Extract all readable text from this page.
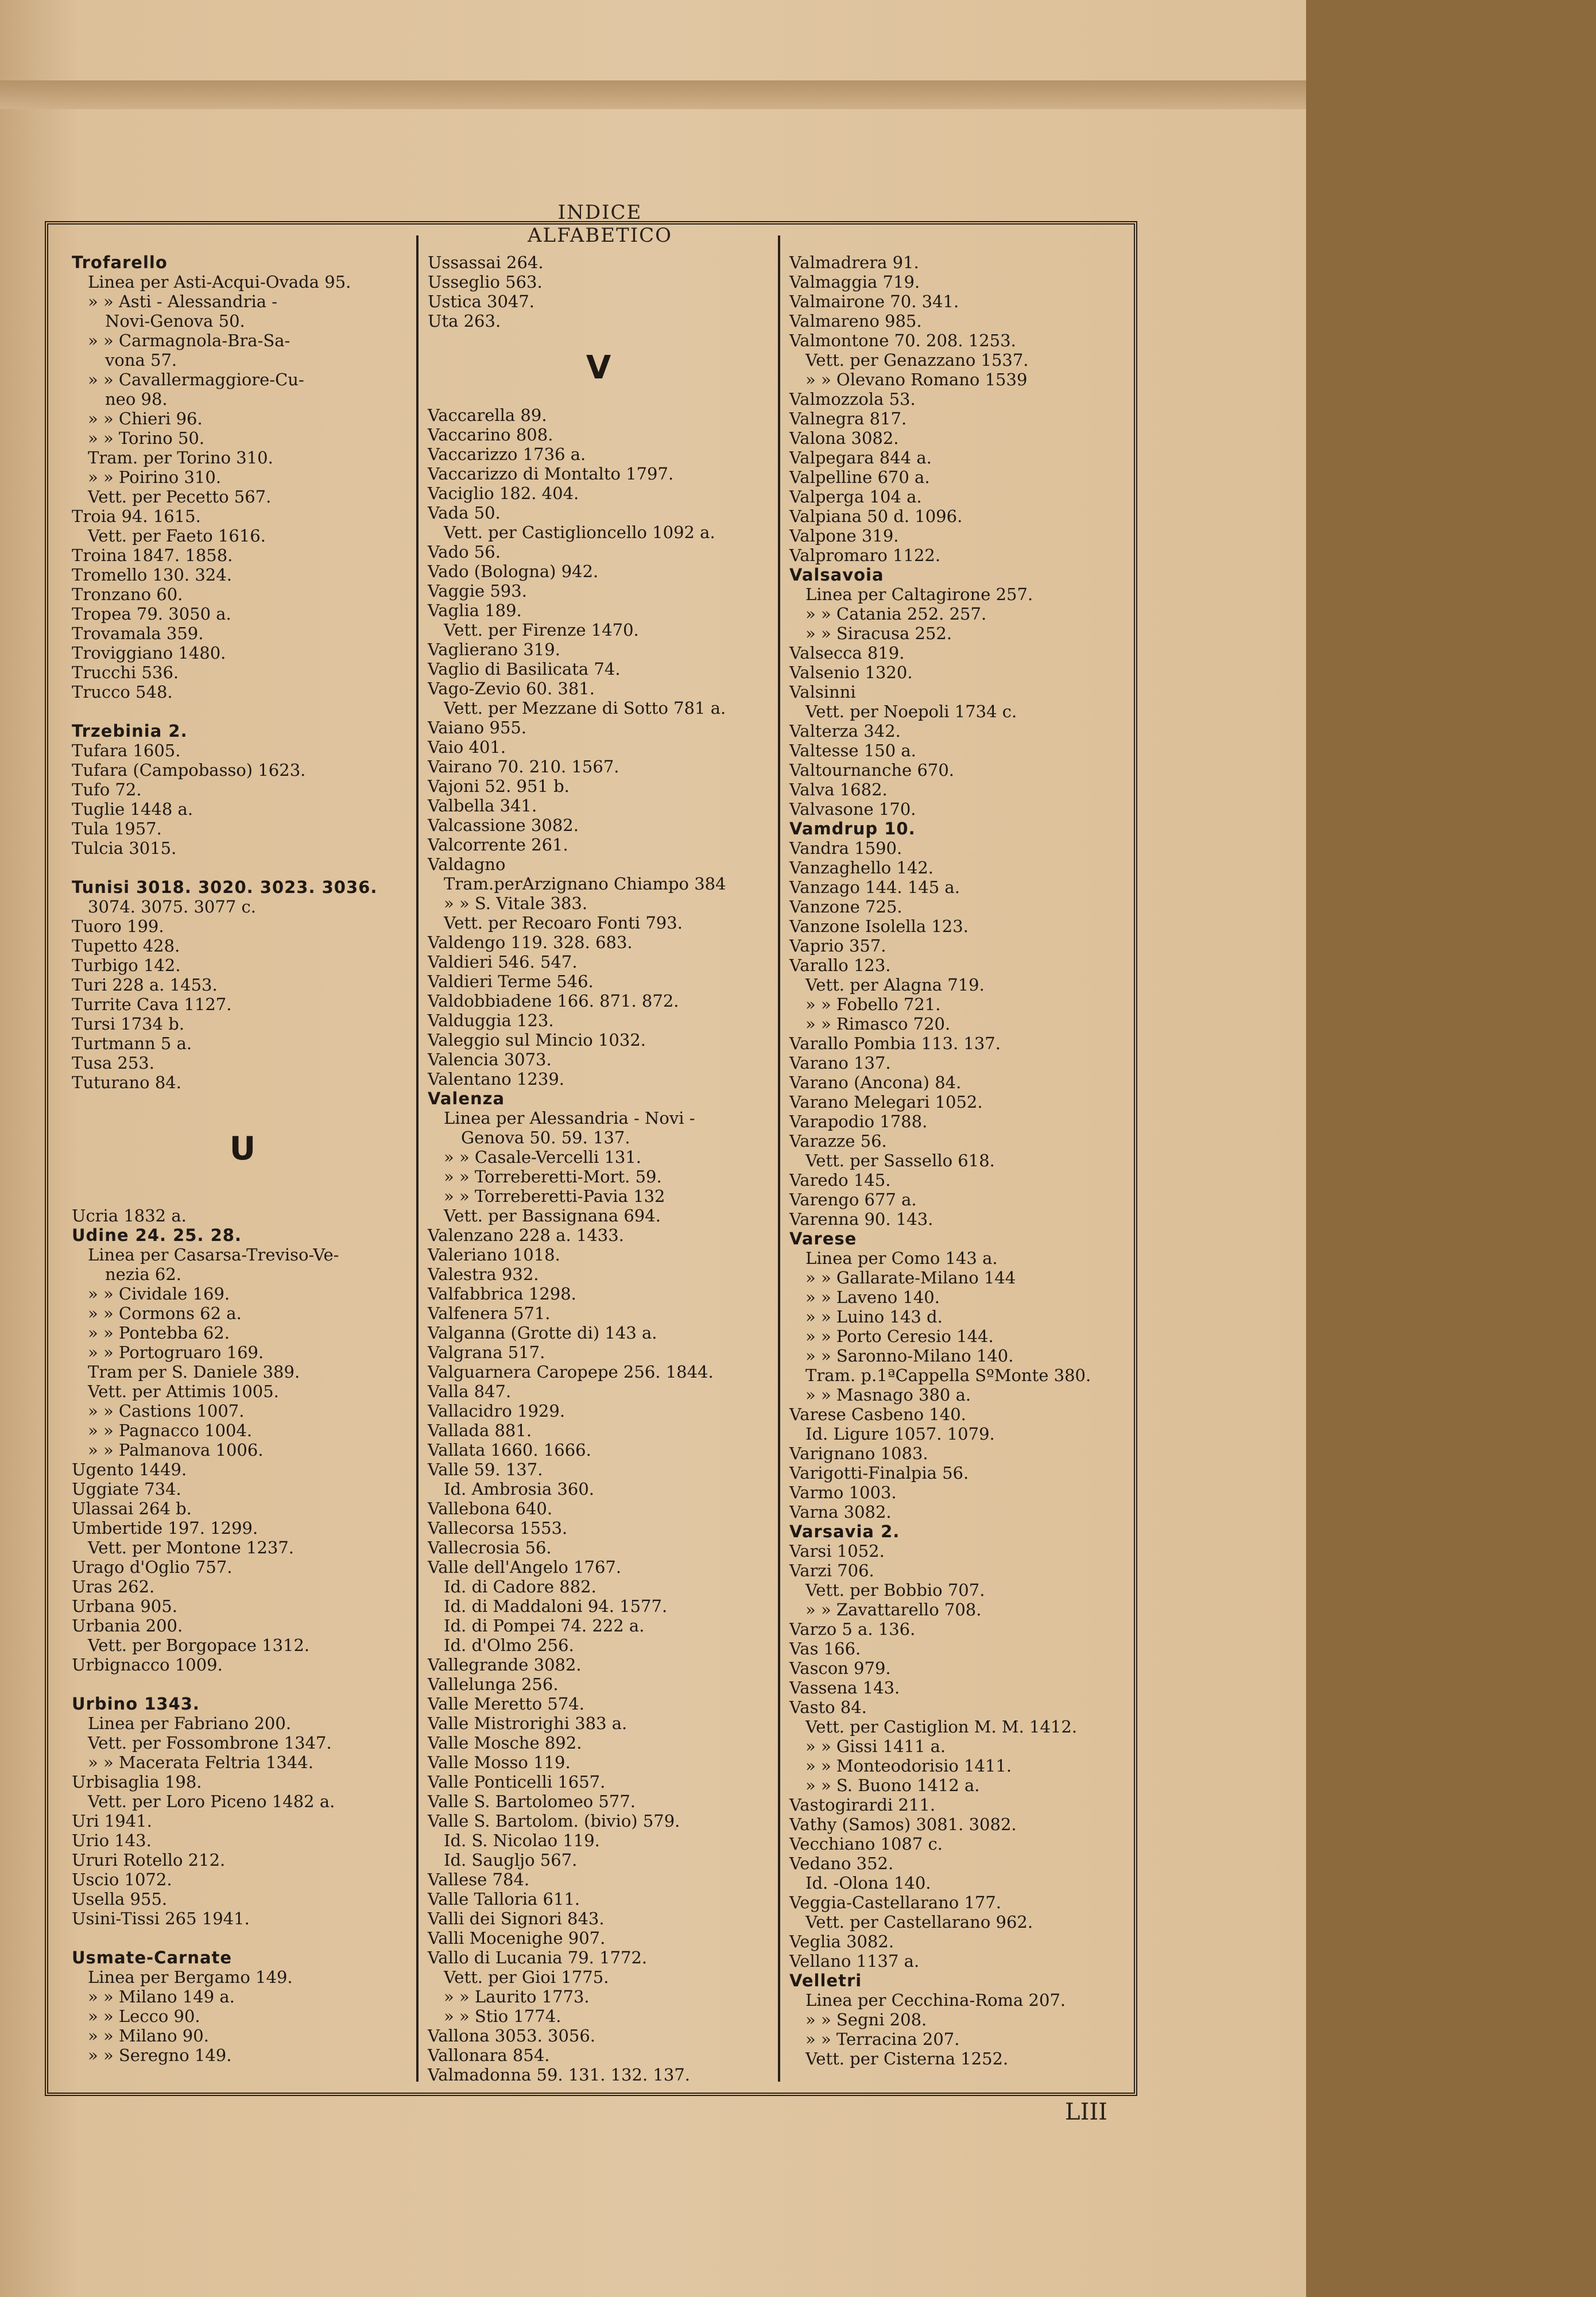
INDICE ALFABETICO
Trofarello
Linea per Asti-Acqui-Ovada 95.
» » Asti - Alessandria -
Novi-Genova 50.
» » Carmagnola-Bra-Sa-
vona 57.
» » Cavallermaggiore-Cu-
neo 98.
» » Chieri 96.
» » Torino 50.
Tram. per Torino 310.
» » Poirino 310.
Vett. per Pecetto 567.
Troia 94. 1615.
Vett. per Faeto 1616.
Troina 1847. 1858.
Tromello 130. 324.
Tronzano 60.
Tropea 79. 3050 a.
Trovamala 359.
Troviggiano 1480.
Trucchi 536.
Trucco 548.
Trzebinia 2.
Tufara 1605.
Tufara (Campobasso) 1623.
Tufo 72.
Tuglie 1448 a.
Tula 1957.
Tulcia 3015.
Tunisi 3018. 3020. 3023. 3036.
3074. 3075. 3077 c.
Tuoro 199.
Tupetto 428.
Turbigo 142.
Turi 228 a. 1453.
Turrite Cava 1127.
Tursi 1734 b.
Turtmann 5 a.
Tusa 253.
Tuturano 84.
U
Ucria 1832 a.
Udine 24. 25. 28.
Linea per Casarsa-Treviso-Ve-
nezia 62.
» » Cividale 169.
» » Cormons 62 a.
» » Pontebba 62.
» » Portogruaro 169.
Tram per S. Daniele 389.
Vett. per Attimis 1005.
» » Castions 1007.
» » Pagnacco 1004.
» » Palmanova 1006.
Ugento 1449.
Uggiate 734.
Ulassai 264 b.
Umbertide 197. 1299.
Vett. per Montone 1237.
Urago d'Oglio 757.
Uras 262.
Urbana 905.
Urbania 200.
Vett. per Borgopace 1312.
Urbignacco 1009.
Urbino 1343.
Linea per Fabriano 200.
Vett. per Fossombrone 1347.
» » Macerata Feltria 1344.
Urbisaglia 198.
Vett. per Loro Piceno 1482 a.
Uri 1941.
Urio 143.
Ururi Rotello 212.
Uscio 1072.
Usella 955.
Usini-Tissi 265 1941.
Usmate-Carnate
Linea per Bergamo 149.
» » Milano 149 a.
» » Lecco 90.
» » Milano 90.
» » Seregno 149.
Ussassai 264.
Usseglio 563.
Ustica 3047.
Uta 263.
V
Vaccarella 89.
Vaccarino 808.
Vaccarizzo 1736 a.
Vaccarizzo di Montalto 1797.
Vaciglio 182. 404.
Vada 50.
Vett. per Castiglioncello 1092 a.
Vado 56.
Vado (Bologna) 942.
Vaggie 593.
Vaglia 189.
Vett. per Firenze 1470.
Vaglierano 319.
Vaglio di Basilicata 74.
Vago-Zevio 60. 381.
Vett. per Mezzane di Sotto 781 a.
Vaiano 955.
Vaio 401.
Vairano 70. 210. 1567.
Vajoni 52. 951 b.
Valbella 341.
Valcassione 3082.
Valcorrente 261.
Valdagno
Tram.perArzignano Chiampo 384
» » S. Vitale 383.
Vett. per Recoaro Fonti 793.
Valdengo 119. 328. 683.
Valdieri 546. 547.
Valdieri Terme 546.
Valdobbiadene 166. 871. 872.
Valduggia 123.
Valeggio sul Mincio 1032.
Valencia 3073.
Valentano 1239.
Valenza
Linea per Alessandria - Novi -
Genova 50. 59. 137.
» » Casale-Vercelli 131.
» » Torreberetti-Mort. 59.
» » Torreberetti-Pavia 132
Vett. per Bassignana 694.
Valenzano 228 a. 1433.
Valeriano 1018.
Valestra 932.
Valfabbrica 1298.
Valfenera 571.
Valganna (Grotte di) 143 a.
Valgrana 517.
Valguarnera Caropepe 256. 1844.
Valla 847.
Vallacidro 1929.
Vallada 881.
Vallata 1660. 1666.
Valle 59. 137.
Id. Ambrosia 360.
Vallebona 640.
Vallecorsa 1553.
Vallecrosia 56.
Valle dell'Angelo 1767.
Id. di Cadore 882.
Id. di Maddaloni 94. 1577.
Id. di Pompei 74. 222 a.
Id. d'Olmo 256.
Vallegrande 3082.
Vallelunga 256.
Valle Meretto 574.
Valle Mistrorighi 383 a.
Valle Mosche 892.
Valle Mosso 119.
Valle Ponticelli 1657.
Valle S. Bartolomeo 577.
Valle S. Bartolom. (bivio) 579.
Id. S. Nicolao 119.
Id. Saugljo 567.
Vallese 784.
Valle Talloria 611.
Valli dei Signori 843.
Valli Mocenighe 907.
Vallo di Lucania 79. 1772.
Vett. per Gioi 1775.
» » Laurito 1773.
» » Stio 1774.
Vallona 3053. 3056.
Vallonara 854.
Valmadonna 59. 131. 132. 137.
Valmadrera 91.
Valmaggia 719.
Valmairone 70. 341.
Valmareno 985.
Valmontone 70. 208. 1253.
Vett. per Genazzano 1537.
» » Olevano Romano 1539
Valmozzola 53.
Valnegra 817.
Valona 3082.
Valpegara 844 a.
Valpelline 670 a.
Valperga 104 a.
Valpiana 50 d. 1096.
Valpone 319.
Valpromaro 1122.
Valsavoia
Linea per Caltagirone 257.
» » Catania 252. 257.
» » Siracusa 252.
Valsecca 819.
Valsenio 1320.
Valsinni
Vett. per Noepoli 1734 c.
Valterza 342.
Valtesse 150 a.
Valtournanche 670.
Valva 1682.
Valvasone 170.
Vamdrup 10.
Vandra 1590.
Vanzaghello 142.
Vanzago 144. 145 a.
Vanzone 725.
Vanzone Isolella 123.
Vaprio 357.
Varallo 123.
Vett. per Alagna 719.
» » Fobello 721.
» » Rimasco 720.
Varallo Pombia 113. 137.
Varano 137.
Varano (Ancona) 84.
Varano Melegari 1052.
Varapodio 1788.
Varazze 56.
Vett. per Sassello 618.
Varedo 145.
Varengo 677 a.
Varenna 90. 143.
Varese
Linea per Como 143 a.
» » Gallarate-Milano 144
» » Laveno 140.
» » Luino 143 d.
» » Porto Ceresio 144.
» » Saronno-Milano 140.
Tram. p.1ªCappella SºMonte 380.
» » Masnago 380 a.
Varese Casbeno 140.
Id. Ligure 1057. 1079.
Varignano 1083.
Varigotti-Finalpia 56.
Varmo 1003.
Varna 3082.
Varsavia 2.
Varsi 1052.
Varzi 706.
Vett. per Bobbio 707.
» » Zavattarello 708.
Varzo 5 a. 136.
Vas 166.
Vascon 979.
Vassena 143.
Vasto 84.
Vett. per Castiglion M. M. 1412.
» » Gissi 1411 a.
» » Monteodorisio 1411.
» » S. Buono 1412 a.
Vastogirardi 211.
Vathy (Samos) 3081. 3082.
Vecchiano 1087 c.
Vedano 352.
Id. -Olona 140.
Veggia-Castellarano 177.
Vett. per Castellarano 962.
Veglia 3082.
Vellano 1137 a.
Velletri
Linea per Cecchina-Roma 207.
» » Segni 208.
» » Terracina 207.
Vett. per Cisterna 1252.
LIII
